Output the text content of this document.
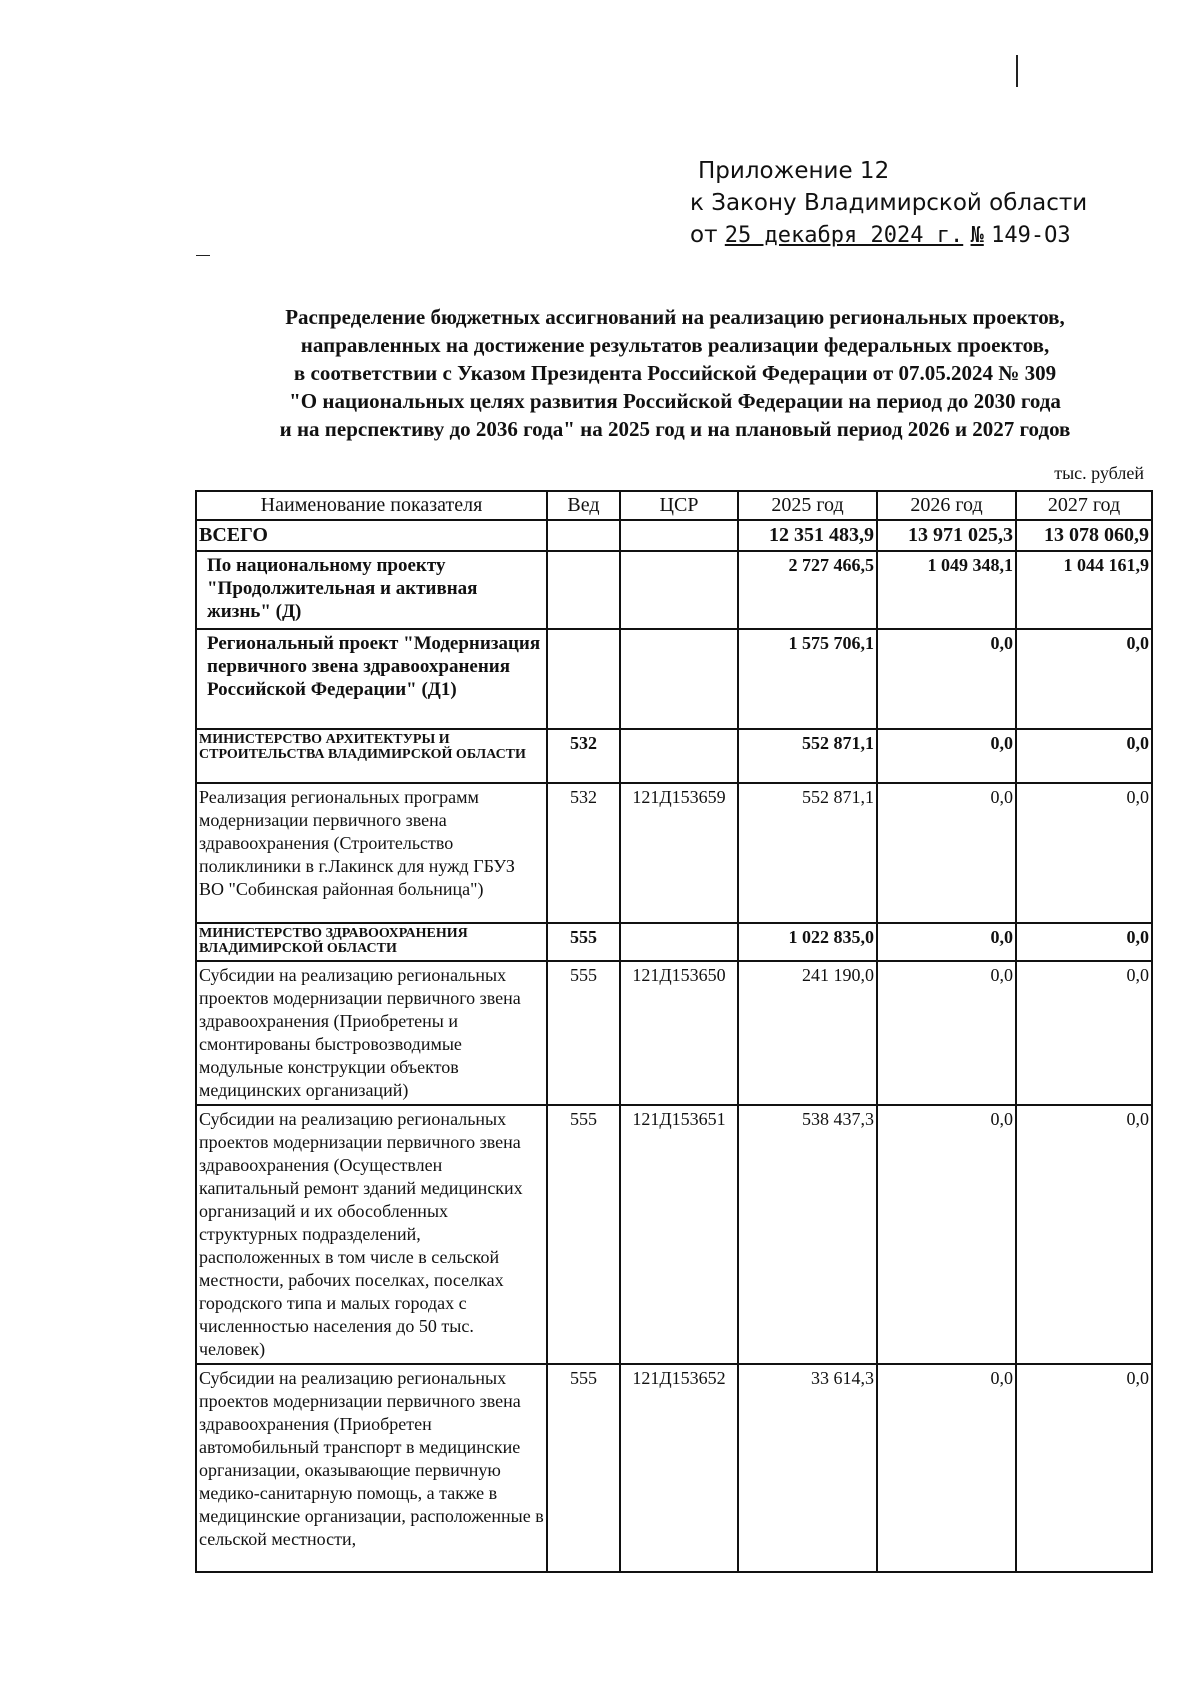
Приложение 12
к Закону Владимирской области
от 25 декабря 2024 г. № 149-ОЗ
Распределение бюджетных ассигнований на реализацию региональных проектов,
направленных на достижение результатов реализации федеральных проектов,
в соответствии с Указом Президента Российской Федерации от 07.05.2024 № 309
"О национальных целях развития Российской Федерации на период до 2030 года
и на перспективу до 2036 года" на 2025 год и на плановый период 2026 и 2027 годов
тыс. рублей
Наименование показателя	Вед	ЦСР	2025 год	2026 год	2027 год
ВСЕГО			12 351 483,9	13 971 025,3	13 078 060,9
По национальному проекту "Продолжительная и активная жизнь" (Д)			2 727 466,5	1 049 348,1	1 044 161,9
Региональный проект "Модернизация первичного звена здравоохранения Российской Федерации" (Д1)			1 575 706,1	0,0	0,0
МИНИСТЕРСТВО АРХИТЕКТУРЫ И СТРОИТЕЛЬСТВА ВЛАДИМИРСКОЙ ОБЛАСТИ	532		552 871,1	0,0	0,0
Реализация региональных программ модернизации первичного звена здравоохранения (Строительство поликлиники в г.Лакинск для нужд ГБУЗ ВО "Собинская районная больница")	532	121Д153659	552 871,1	0,0	0,0
МИНИСТЕРСТВО ЗДРАВООХРАНЕНИЯ ВЛАДИМИРСКОЙ ОБЛАСТИ	555		1 022 835,0	0,0	0,0
Субсидии на реализацию региональных проектов модернизации первичного звена здравоохранения (Приобретены и смонтированы быстровозводимые модульные конструкции объектов медицинских организаций)	555	121Д153650	241 190,0	0,0	0,0
Субсидии на реализацию региональных проектов модернизации первичного звена здравоохранения (Осуществлен капитальный ремонт зданий медицинских организаций и их обособленных структурных подразделений, расположенных в том числе в сельской местности, рабочих поселках, поселках городского типа и малых городах с численностью населения до 50 тыс. человек)	555	121Д153651	538 437,3	0,0	0,0
Субсидии на реализацию региональных проектов модернизации первичного звена здравоохранения (Приобретен автомобильный транспорт в медицинские организации, оказывающие первичную медико-санитарную помощь, а также в медицинские организации, расположенные в сельской местности,	555	121Д153652	33 614,3	0,0	0,0
